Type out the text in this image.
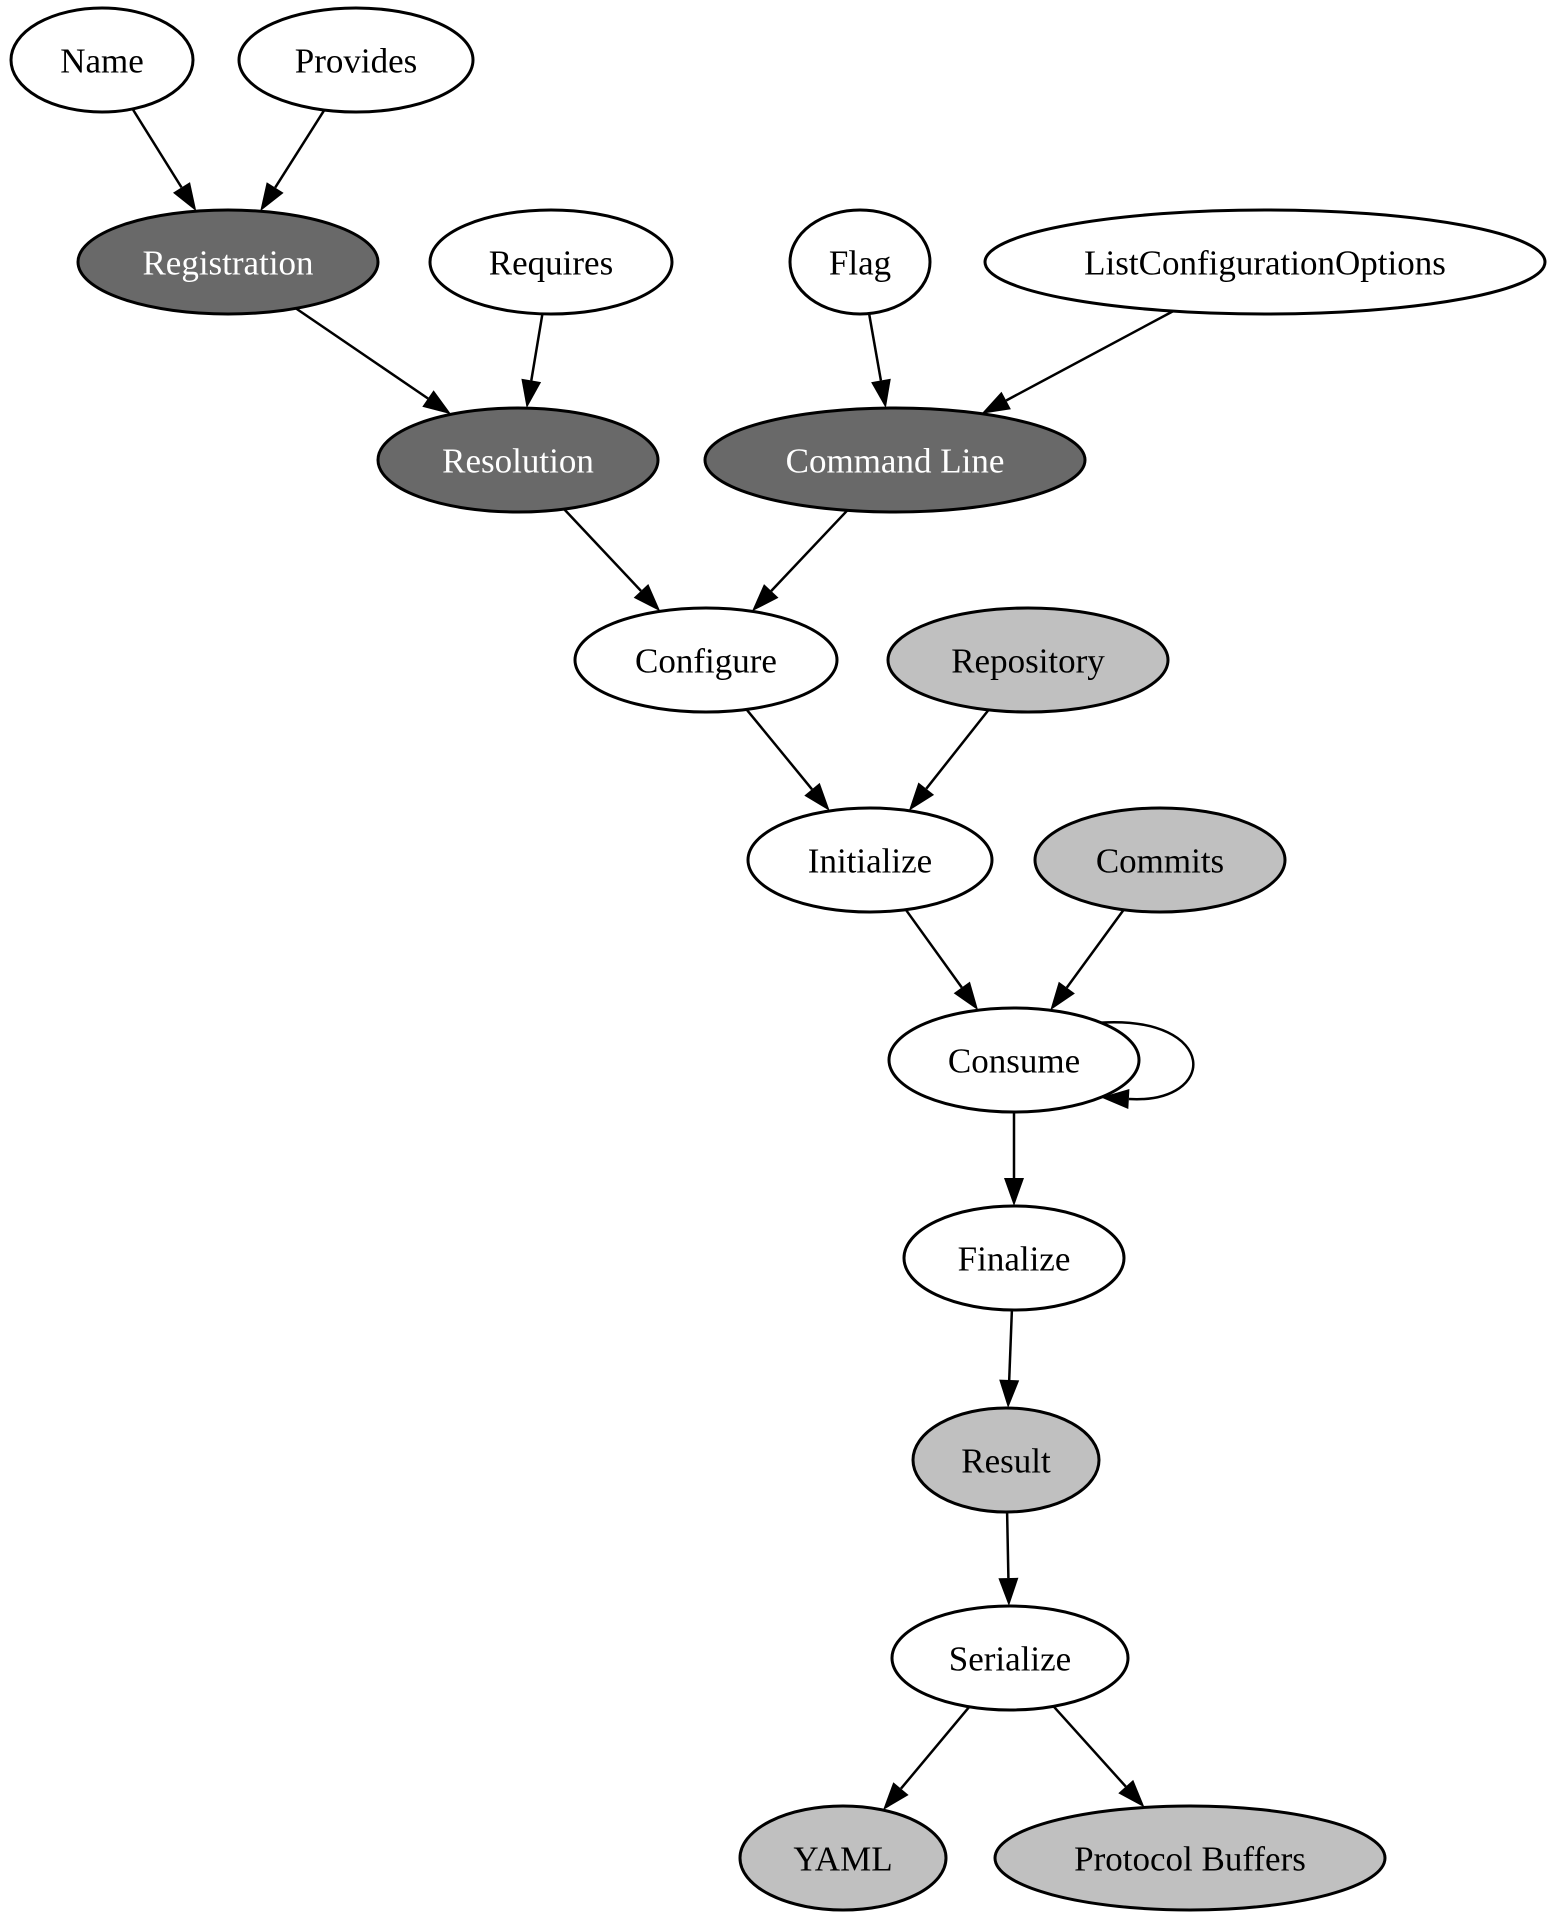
Name	Provides
Registration	Requires	Flag	ListConfigurationOptions
Resolution	Command Line
Configure	Repository
Initialize	Commits
Consume
Finalize
Result
Serialize
YAML	Protocol Buffers
